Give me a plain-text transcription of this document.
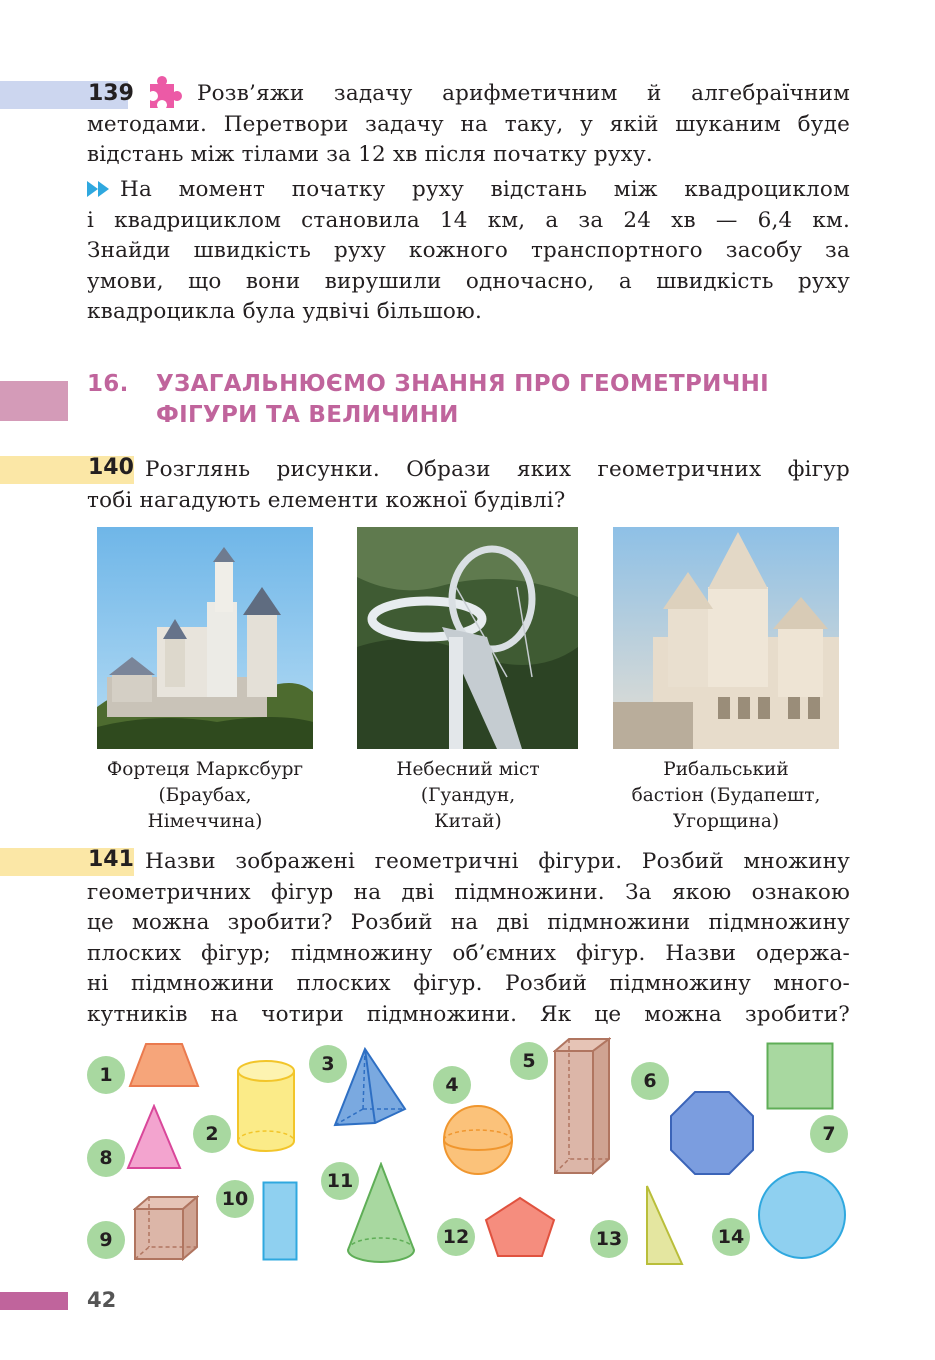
139	Розв’яжи задачу арифметичним й алгебраїчним
методами. Перетвори задачу на таку, у якій шуканим буде
відстань між тілами за 12 хв після початку руху.
На момент початку руху відстань між квадроциклом
і квадрициклом становила 14 км, а за 24 хв — 6,4 км.
Знайди швидкість руху кожного транспортного засобу за
умови, що вони вирушили одночасно, а швидкість руху
квадроцикла була удвічі більшою.
16. УЗАГАЛЬНЮЄМО ЗНАННЯ ПРО ГЕОМЕТРИЧНІ
ФІГУРИ ТА ВЕЛИЧИНИ
140 Розглянь рисунки. Образи яких геометричних фігур
тобі нагадують елементи кожної будівлі?
Фортеця Марксбург
(Браубах,
Німеччина)
Небесний міст
(Гуандун,
Китай)
Рибальський
бастіон (Будапешт,
Угорщина)
141 Назви зображені геометричні фігури. Розбий множину
геометричних фігур на дві підмножини. За якою ознакою
це можна зробити? Розбий на дві підмножини підмножину
плоских фігур; підмножину об’ємних фігур. Назви одержа-
ні підмножини плоских фігур. Розбий підмножину много-
кутників на чотири підмножини. Як це можна зробити?
1
2
3
4
5
6
7
8
9
10
11
12	13	14
42
